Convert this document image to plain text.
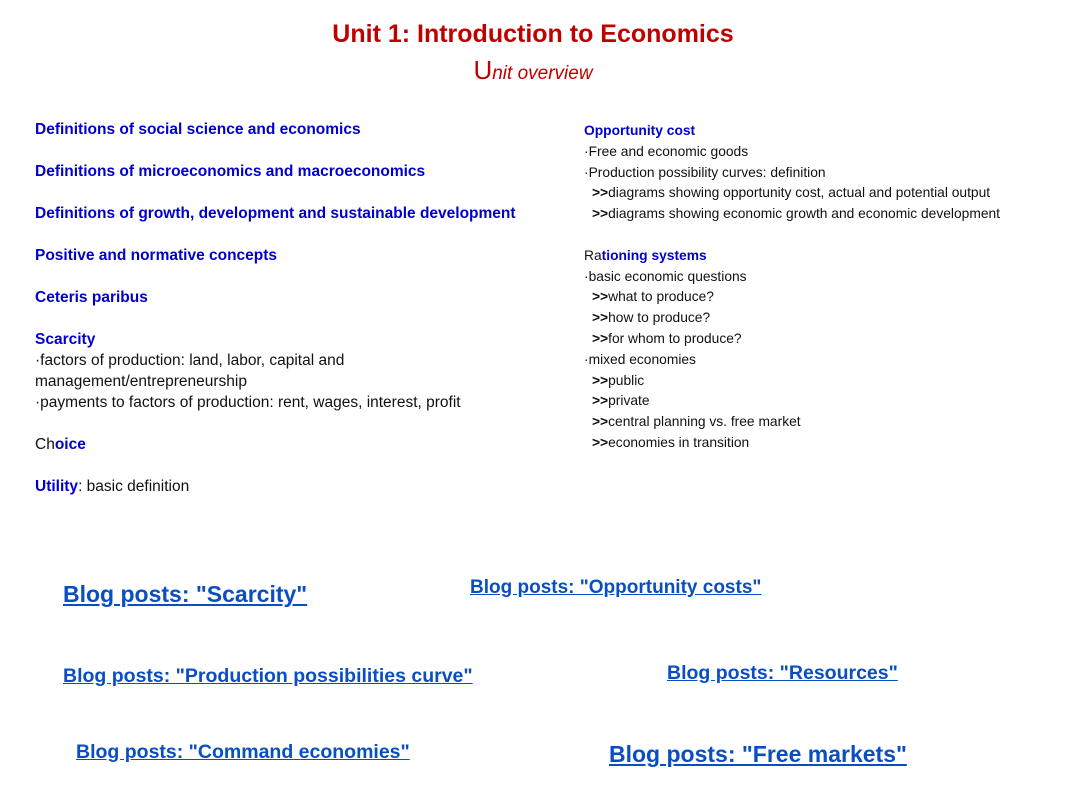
Unit 1: Introduction to Economics
Unit overview

Definitions of social science and economics

Definitions of microeconomics and macroeconomics

Definitions of growth, development and sustainable development

Positive and normative concepts

Ceteris paribus

Scarcity

·factors of production: land, labor, capital and management/entrepreneurship

·payments to factors of production: rent, wages, interest, profit

Choice

Utility: basic definition

Opportunity cost

·Free and economic goods

·Production possibility curves: definition

>>diagrams showing opportunity cost, actual and potential output

>>diagrams showing economic growth and economic development

Rationing systems

·basic economic questions

>>what to produce?

>>how to produce?

>>for whom to produce?

·mixed economies

>>public

>>private

>>central planning vs. free market

>>economies in transition

Blog posts: "Scarcity"	Blog posts: "Opportunity costs"
Blog posts: "Production possibilities curve"	Blog posts: "Resources"
Blog posts: "Command economies"	Blog posts: "Free markets"
